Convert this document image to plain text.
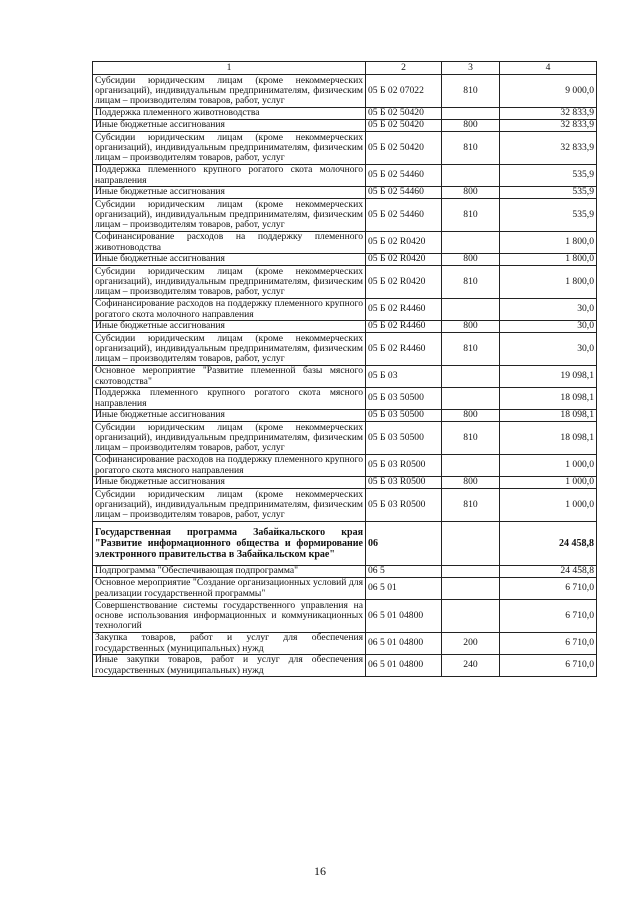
1	2	3	4
Субсидии юридическим лицам (кроме некоммерческих организаций), индивидуальным предпринимателям, физическим лицам – производителям товаров, работ, услуг	05 Б 02 07022	810	9 000,0
Поддержка племенного животноводства	05 Б 02 50420		32 833,9
Иные бюджетные ассигнования	05 Б 02 50420	800	32 833,9
Субсидии юридическим лицам (кроме некоммерческих организаций), индивидуальным предпринимателям, физическим лицам – производителям товаров, работ, услуг	05 Б 02 50420	810	32 833,9
Поддержка племенного крупного рогатого скота молочного направления	05 Б 02 54460		535,9
Иные бюджетные ассигнования	05 Б 02 54460	800	535,9
Субсидии юридическим лицам (кроме некоммерческих организаций), индивидуальным предпринимателям, физическим лицам – производителям товаров, работ, услуг	05 Б 02 54460	810	535,9
Софинансирование расходов на поддержку племенного животноводства	05 Б 02 R0420		1 800,0
Иные бюджетные ассигнования	05 Б 02 R0420	800	1 800,0
Субсидии юридическим лицам (кроме некоммерческих организаций), индивидуальным предпринимателям, физическим лицам – производителям товаров, работ, услуг	05 Б 02 R0420	810	1 800,0
Софинансирование расходов на поддержку племенного крупного рогатого скота молочного направления	05 Б 02 R4460		30,0
Иные бюджетные ассигнования	05 Б 02 R4460	800	30,0
Субсидии юридическим лицам (кроме некоммерческих организаций), индивидуальным предпринимателям, физическим лицам – производителям товаров, работ, услуг	05 Б 02 R4460	810	30,0
Основное мероприятие "Развитие племенной базы мясного скотоводства"	05 Б 03		19 098,1
Поддержка племенного крупного рогатого скота мясного направления	05 Б 03 50500		18 098,1
Иные бюджетные ассигнования	05 Б 03 50500	800	18 098,1
Субсидии юридическим лицам (кроме некоммерческих организаций), индивидуальным предпринимателям, физическим лицам – производителям товаров, работ, услуг	05 Б 03 50500	810	18 098,1
Софинансирование расходов на поддержку племенного крупного рогатого скота мясного направления	05 Б 03 R0500		1 000,0
Иные бюджетные ассигнования	05 Б 03 R0500	800	1 000,0
Субсидии юридическим лицам (кроме некоммерческих организаций), индивидуальным предпринимателям, физическим лицам – производителям товаров, работ, услуг	05 Б 03 R0500	810	1 000,0
Государственная программа Забайкальского края "Развитие информационного общества и формирование электронного правительства в Забайкальском крае"	06		24 458,8
Подпрограмма "Обеспечивающая подпрограмма"	06 5		24 458,8
Основное мероприятие "Создание организационных условий для реализации государственной программы"	06 5 01		6 710,0
Совершенствование системы государственного управления на основе использования информационных и коммуникационных технологий	06 5 01 04800		6 710,0
Закупка товаров, работ и услуг для обеспечения государственных (муниципальных) нужд	06 5 01 04800	200	6 710,0
Иные закупки товаров, работ и услуг для обеспечения государственных (муниципальных) нужд	06 5 01 04800	240	6 710,0
16
